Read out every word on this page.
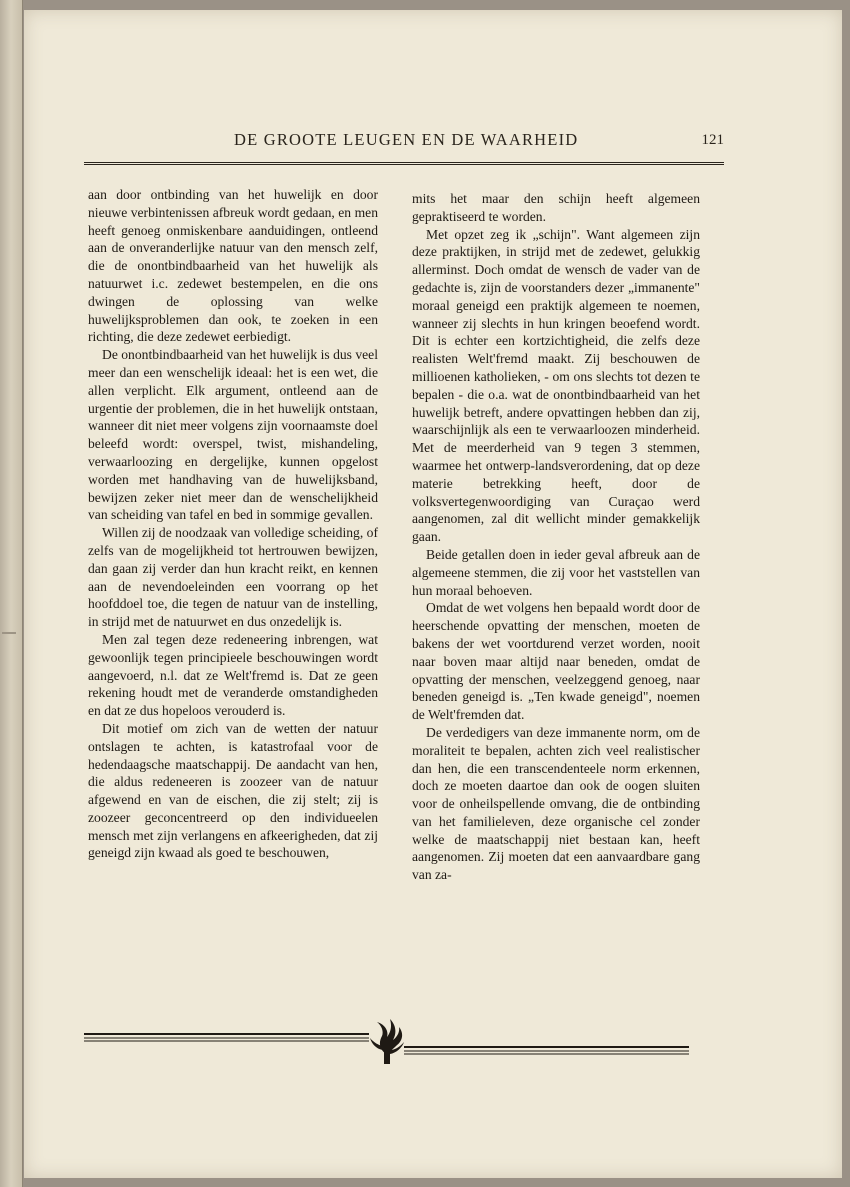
DE GROOTE LEUGEN EN DE WAARHEID	121

aan door ontbinding van het huwelijk en door nieuwe verbintenissen afbreuk wordt gedaan, en men heeft genoeg onmiskenbare aanduidingen, ontleend aan de onveranderlijke natuur van den mensch zelf, die de onontbindbaarheid van het huwelijk als natuurwet i.c. zedewet bestempelen, en die ons dwingen de oplossing van welke huwelijksproblemen dan ook, te zoeken in een richting, die deze zedewet eerbiedigt.

De onontbindbaarheid van het huwelijk is dus veel meer dan een wenschelijk ideaal: het is een wet, die allen verplicht. Elk argument, ontleend aan de urgentie der problemen, die in het huwelijk ontstaan, wanneer dit niet meer volgens zijn voornaamste doel beleefd wordt: overspel, twist, mishandeling, verwaarloozing en dergelijke, kunnen opgelost worden met handhaving van de huwelijksband, bewijzen zeker niet meer dan de wenschelijkheid van scheiding van tafel en bed in sommige gevallen.

Willen zij de noodzaak van volledige scheiding, of zelfs van de mogelijkheid tot hertrouwen bewijzen, dan gaan zij verder dan hun kracht reikt, en kennen aan de nevendoeleinden een voorrang op het hoofddoel toe, die tegen de natuur van de instelling, in strijd met de natuurwet en dus onzedelijk is.

Men zal tegen deze redeneering inbrengen, wat gewoonlijk tegen principieele beschouwingen wordt aangevoerd, n.l. dat ze Welt'fremd is. Dat ze geen rekening houdt met de veranderde omstandigheden en dat ze dus hopeloos verouderd is.

Dit motief om zich van de wetten der natuur ontslagen te achten, is katastrofaal voor de hedendaagsche maatschappij. De aandacht van hen, die aldus redeneeren is zoozeer van de natuur afgewend en van de eischen, die zij stelt; zij is zoozeer geconcentreerd op den individueelen mensch met zijn verlangens en afkeerigheden, dat zij geneigd zijn kwaad als goed te beschouwen,

mits het maar den schijn heeft algemeen gepraktiseerd te worden.

Met opzet zeg ik „schijn". Want algemeen zijn deze praktijken, in strijd met de zedewet, gelukkig allerminst. Doch omdat de wensch de vader van de gedachte is, zijn de voorstanders dezer „immanente" moraal geneigd een praktijk algemeen te noemen, wanneer zij slechts in hun kringen beoefend wordt. Dit is echter een kortzichtigheid, die zelfs deze realisten Welt'fremd maakt. Zij beschouwen de millioenen katholieken, - om ons slechts tot dezen te bepalen - die o.a. wat de onontbindbaarheid van het huwelijk betreft, andere opvattingen hebben dan zij, waarschijnlijk als een te verwaarloozen minderheid. Met de meerderheid van 9 tegen 3 stemmen, waarmee het ontwerp-landsverordening, dat op deze materie betrekking heeft, door de volksvertegenwoordiging van Curaçao werd aangenomen, zal dit wellicht minder gemakkelijk gaan.

Beide getallen doen in ieder geval afbreuk aan de algemeene stemmen, die zij voor het vaststellen van hun moraal behoeven.

Omdat de wet volgens hen bepaald wordt door de heerschende opvatting der menschen, moeten de bakens der wet voortdurend verzet worden, nooit naar boven maar altijd naar beneden, omdat de opvatting der menschen, veelzeggend genoeg, naar beneden geneigd is. „Ten kwade geneigd", noemen de Welt'fremden dat.

De verdedigers van deze immanente norm, om de moraliteit te bepalen, achten zich veel realistischer dan hen, die een transcendenteele norm erkennen, doch ze moeten daartoe dan ook de oogen sluiten voor de onheilspellende omvang, die de ontbinding van het familieleven, deze organische cel zonder welke de maatschappij niet bestaan kan, heeft aangenomen. Zij moeten dat een aanvaardbare gang van za-
